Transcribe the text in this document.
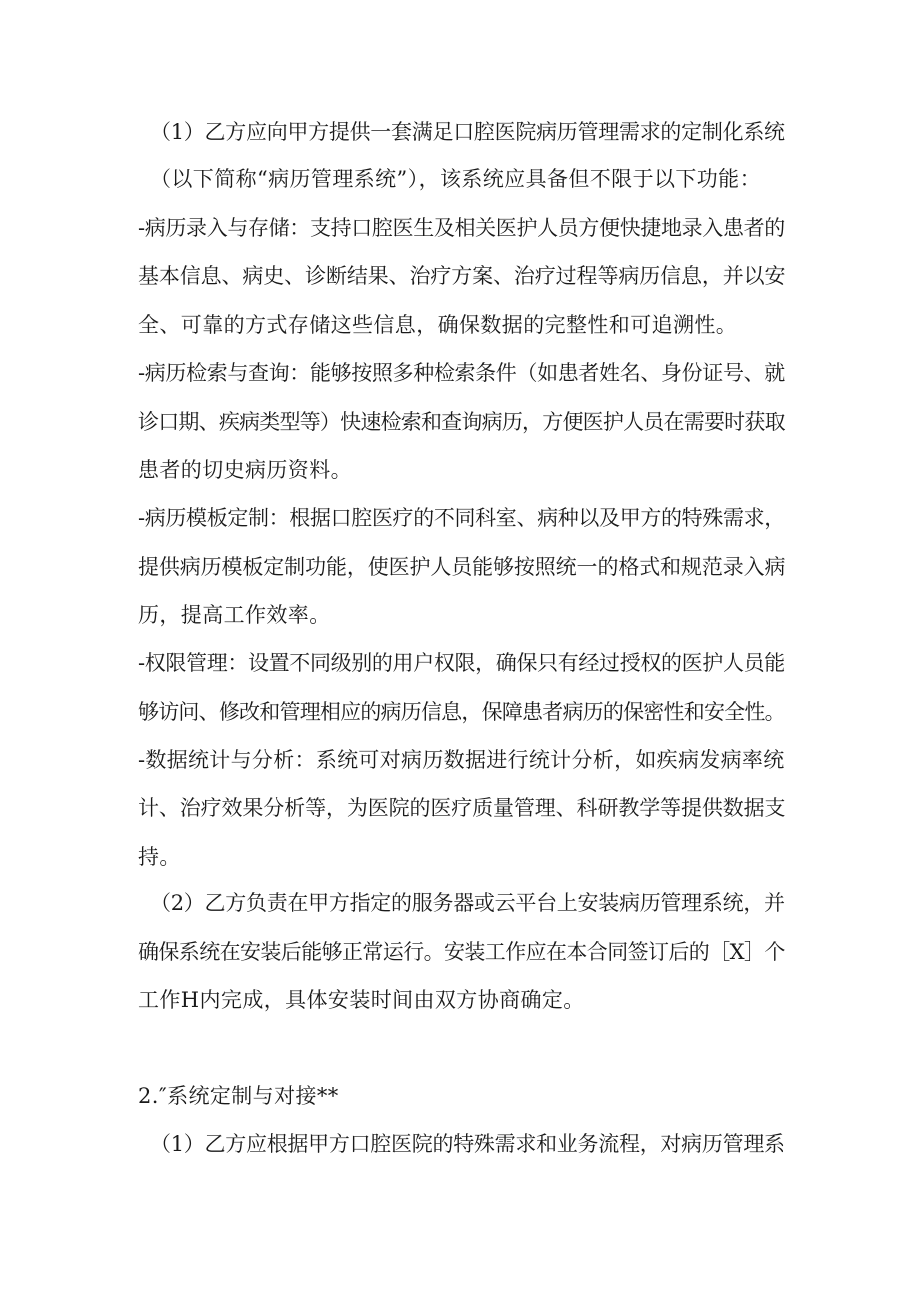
（1）乙方应向甲方提供一套满足口腔医院病历管理需求的定制化系统

（以下简称“病历管理系统”），该系统应具备但不限于以下功能：

-病历录入与存储：支持口腔医生及相关医护人员方便快捷地录入患者的

基本信息、病史、诊断结果、治疗方案、治疗过程等病历信息，并以安

全、可靠的方式存储这些信息，确保数据的完整性和可追溯性。

-病历检索与查询：能够按照多种检索条件（如患者姓名、身份证号、就

诊口期、疾病类型等）快速检索和查询病历，方便医护人员在需要时获取

患者的切史病历资料。

-病历模板定制：根据口腔医疗的不同科室、病种以及甲方的特殊需求，

提供病历模板定制功能，使医护人员能够按照统一的格式和规范录入病

历，提高工作效率。

-权限管理：设置不同级别的用户权限，确保只有经过授权的医护人员能

够访问、修改和管理相应的病历信息，保障患者病历的保密性和安全性。

-数据统计与分析：系统可对病历数据进行统计分析，如疾病发病率统

计、治疗效果分析等，为医院的医疗质量管理、科研教学等提供数据支

持。

（2）乙方负责在甲方指定的服务器或云平台上安装病历管理系统，并

确保系统在安装后能够正常运行。安装工作应在本合同签订后的［X］个

工作H内完成，具体安装时间由双方协商确定。

2.″系统定制与对接**

（1）乙方应根据甲方口腔医院的特殊需求和业务流程，对病历管理系
